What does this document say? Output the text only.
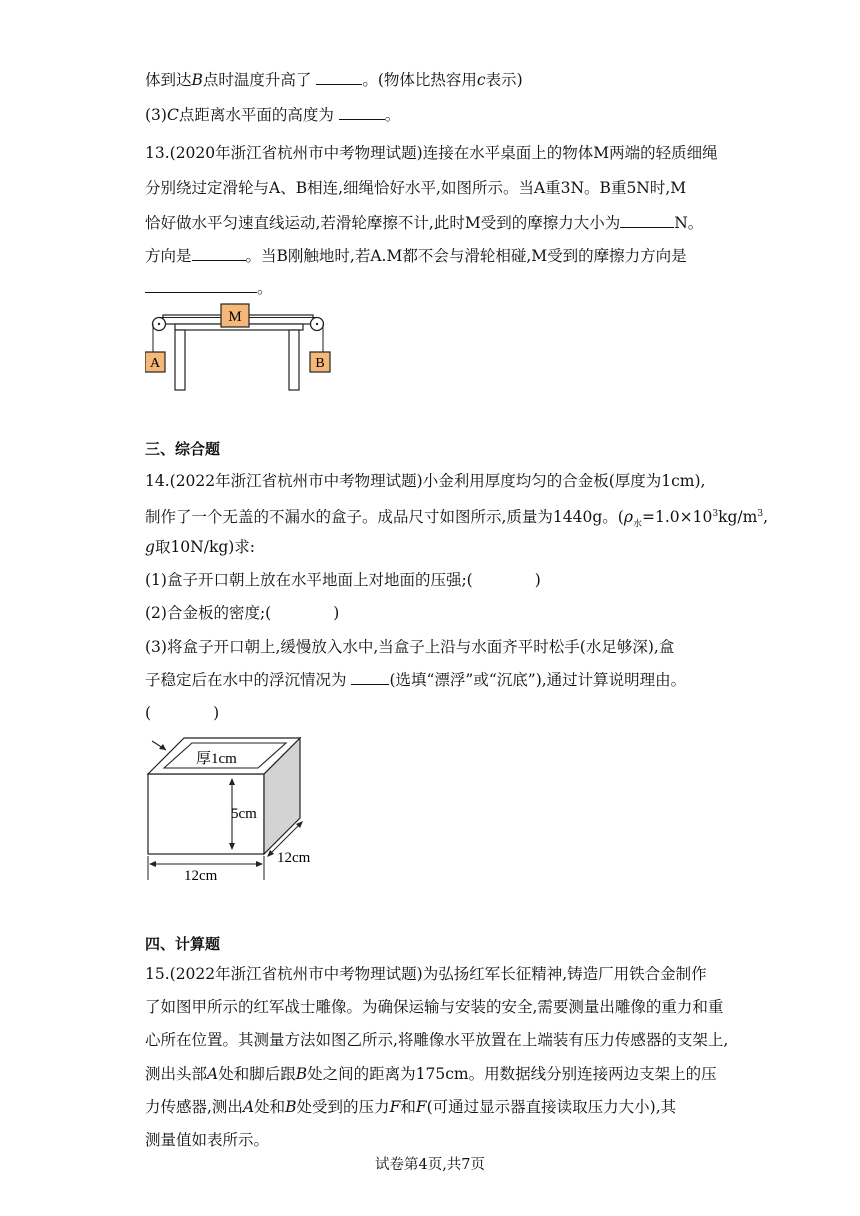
体到达B点时温度升高了	。(物体比热容用c表示)
(3)C点距离水平面的高度为	。
13.(2020年浙江省杭州市中考物理试题)连接在水平桌面上的物体M两端的轻质细绳
分别绕过定滑轮与A、B相连,细绳恰好水平,如图所示。当A重3N。B重5N时,M
恰好做水平匀速直线运动,若滑轮摩擦不计,此时M受到的摩擦力大小为	N。
方向是	。当B刚触地时,若A.M都不会与滑轮相碰,M受到的摩擦力方向是
。
M
A	B
三、综合题
14.(2022年浙江省杭州市中考物理试题)小金利用厚度均匀的合金板(厚度为1cm),
制作了一个无盖的不漏水的盒子。成品尺寸如图所示,质量为1440g。($\rho_水=1.0\times 10^3kg/m^3$,
g取10N/kg)求:
(1)盒子开口朝上放在水平地面上对地面的压强;(	)
(2)合金板的密度;(	)
(3)将盒子开口朝上,缓慢放入水中,当盒子上沿与水面齐平时松手(水足够深),盒
子稳定后在水中的浮沉情况为	(选填“漂浮”或“沉底”),通过计算说明理由。
(	)
厚1cm
5cm
12cm
12cm
四、计算题
15.(2022年浙江省杭州市中考物理试题)为弘扬红军长征精神,铸造厂用铁合金制作
了如图甲所示的红军战士雕像。为确保运输与安装的安全,需要测量出雕像的重力和重
心所在位置。其测量方法如图乙所示,将雕像水平放置在上端装有压力传感器的支架上,
测出头部A处和脚后跟B处之间的距离为175cm。用数据线分别连接两边支架上的压
力传感器,测出A处和B处受到的压力F和F(可通过显示器直接读取压力大小),其
测量值如表所示。
试卷第4页,共7页
